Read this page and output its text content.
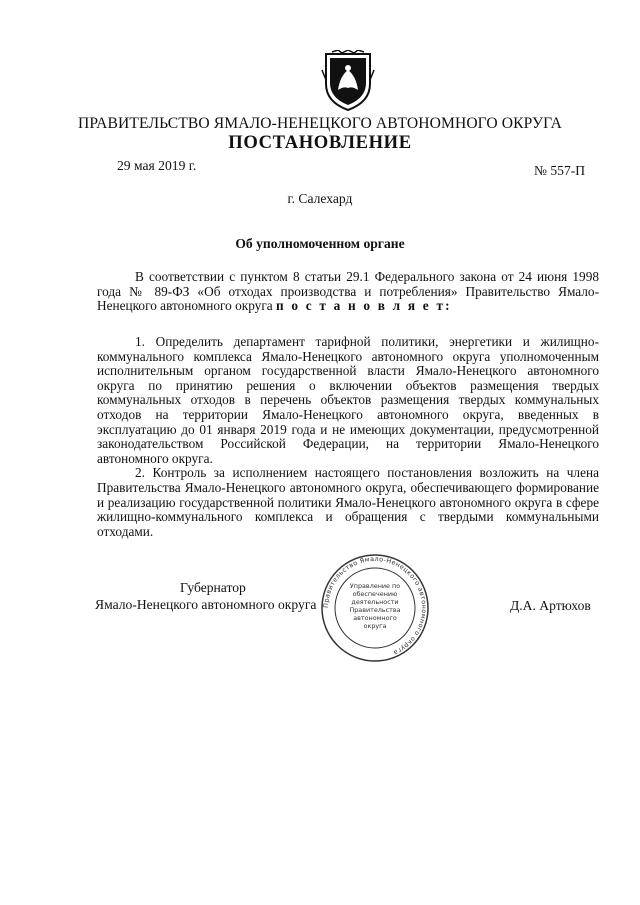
ПРАВИТЕЛЬСТВО ЯМАЛО-НЕНЕЦКОГО АВТОНОМНОГО ОКРУГА
ПОСТАНОВЛЕНИЕ
29 мая 2019 г.	№ 557-П
г. Салехард
Об уполномоченном органе

В соответствии с пунктом 8 статьи 29.1 Федерального закона от 24 июня 1998 года № 89-ФЗ «Об отходах производства и потребления» Правительство Ямало-Ненецкого автономного округа п о с т а н о в л я е т:

1. Определить департамент тарифной политики, энергетики и жилищно-коммунального комплекса Ямало-Ненецкого автономного округа уполномоченным исполнительным органом государственной власти Ямало-Ненецкого автономного округа по принятию решения о включении объектов размещения твердых коммунальных отходов в перечень объектов размещения твердых коммунальных отходов на территории Ямало-Ненецкого автономного округа, введенных в эксплуатацию до 01 января 2019 года и не имеющих документации, предусмотренной законодательством Российской Федерации, на территории Ямало-Ненецкого автономного округа.

2. Контроль за исполнением настоящего постановления возложить на члена Правительства Ямало-Ненецкого автономного округа, обеспечивающего формирование и реализацию государственной политики Ямало-Ненецкого автономного округа в сфере жилищно-коммунального комплекса и обращения с твердыми коммунальными отходами.

Губернатор
Ямало-Ненецкого автономного округа	Д.А. Артюхов
Правительство Ямало-Ненецкого автономного округа
Управление по обеспечению деятельности Правительства автономного округа
